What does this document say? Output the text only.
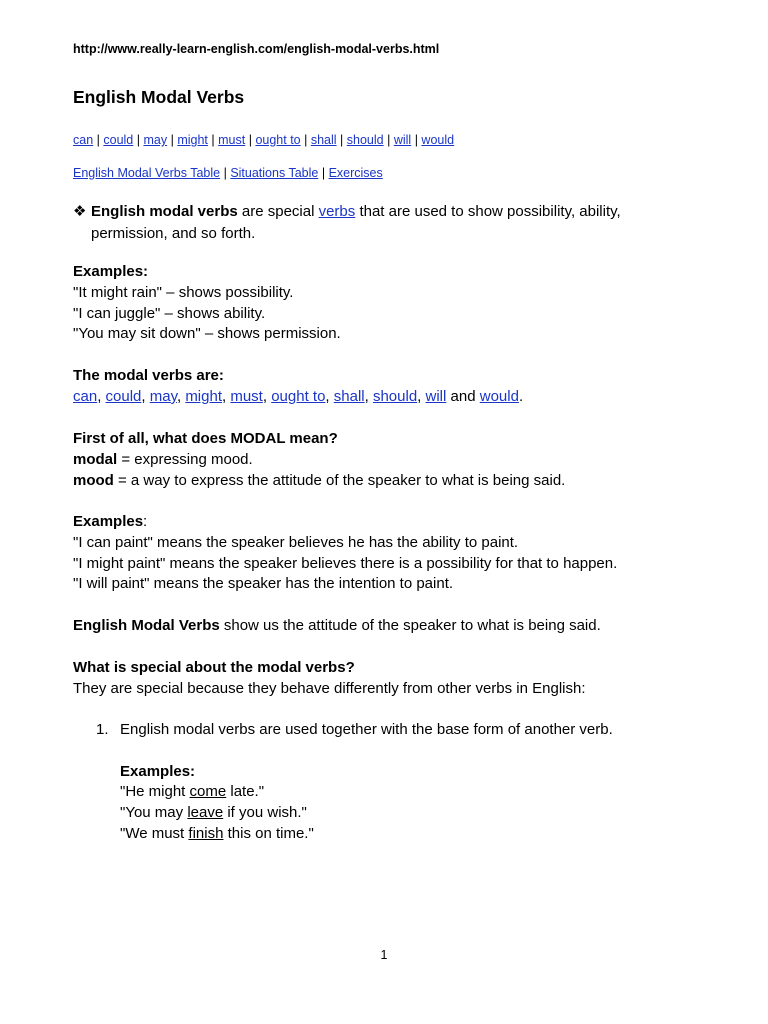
http://www.really-learn-english.com/english-modal-verbs.html
English Modal Verbs
can | could | may | might | must | ought to | shall | should | will | would
English Modal Verbs Table | Situations Table | Exercises
❖ English modal verbs are special verbs that are used to show possibility, ability,
permission, and so forth.
Examples:
"It might rain" – shows possibility.
"I can juggle" – shows ability.
"You may sit down" – shows permission.
The modal verbs are:
can, could, may, might, must, ought to, shall, should, will and would.
First of all, what does MODAL mean?
modal = expressing mood.
mood = a way to express the attitude of the speaker to what is being said.
Examples:
"I can paint" means the speaker believes he has the ability to paint.
"I might paint" means the speaker believes there is a possibility for that to happen.
"I will paint" means the speaker has the intention to paint.
English Modal Verbs show us the attitude of the speaker to what is being said.
What is special about the modal verbs?
They are special because they behave differently from other verbs in English:
1. English modal verbs are used together with the base form of another verb.
Examples:
"He might come late."
"You may leave if you wish."
"We must finish this on time."
1
